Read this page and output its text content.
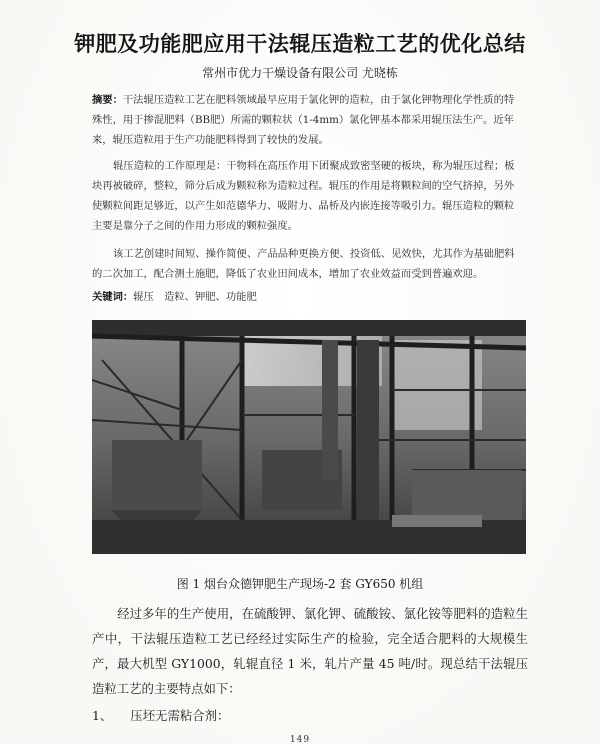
钾肥及功能肥应用干法辊压造粒工艺的优化总结
常州市优力干燥设备有限公司 尤晓栋
摘要：干法辊压造粒工艺在肥料领域最早应用于氯化钾的造粒，由于氯化钾物理化学性质的特殊性，用于掺混肥料（BB肥）所需的颗粒状（1-4mm）氯化钾基本都采用辊压法生产。近年来，辊压造粒用于生产功能肥料得到了较快的发展。
辊压造粒的工作原理是：干物料在高压作用下团聚成致密坚硬的板块，称为辊压过程；板块再被破碎，整粒，筛分后成为颗粒称为造粒过程。辊压的作用是将颗粒间的空气挤掉，另外使颗粒间距足够近，以产生如范德华力、吸附力、晶桥及内嵌连接等吸引力。辊压造粒的颗粒主要是靠分子之间的作用力形成的颗粒强度。
该工艺创建时间短、操作简便、产品品种更换方便、投资低、见效快，尤其作为基础肥料的二次加工，配合测土施肥，降低了农业田间成本，增加了农业效益而受到普遍欢迎。
关键词：辊压　造粒、钾肥、功能肥
图 1 烟台众德钾肥生产现场-2 套 GY650 机组
经过多年的生产使用，在硫酸钾、氯化钾、硫酸铵、氯化铵等肥料的造粒生产中，干法辊压造粒工艺已经经过实际生产的检验，完全适合肥料的大规模生产，最大机型 GY1000，轧辊直径 1 米，轧片产量 45 吨/时。现总结干法辊压造粒工艺的主要特点如下：
1、 压坯无需粘合剂：
149
